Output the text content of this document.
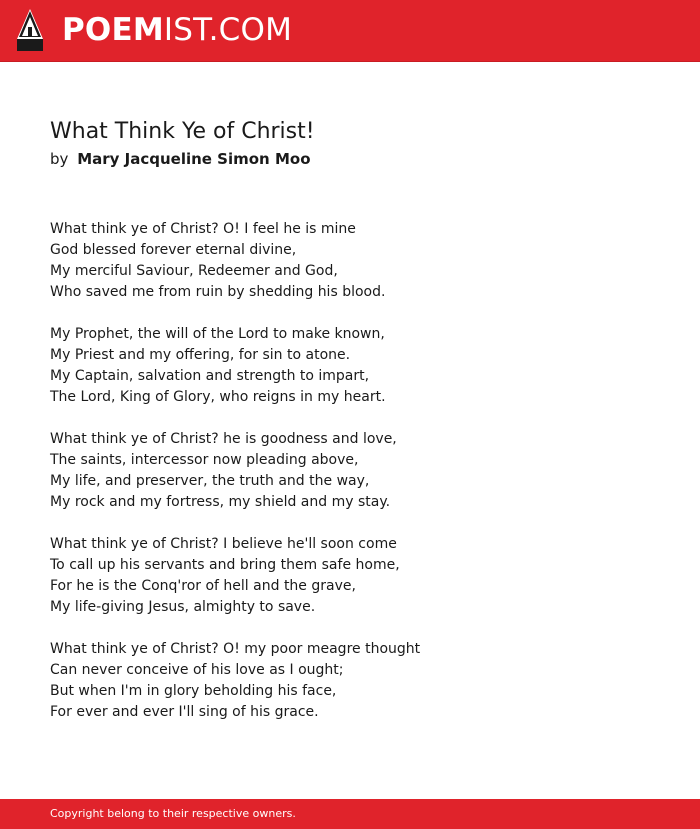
POEMIST.COM
What Think Ye of Christ!
by Mary Jacqueline Simon Moo
What think ye of Christ? O! I feel he is mine
God blessed forever eternal divine,
My merciful Saviour, Redeemer and God,
Who saved me from ruin by shedding his blood.
My Prophet, the will of the Lord to make known,
My Priest and my offering, for sin to atone.
My Captain, salvation and strength to impart,
The Lord, King of Glory, who reigns in my heart.
What think ye of Christ? he is goodness and love,
The saints, intercessor now pleading above,
My life, and preserver, the truth and the way,
My rock and my fortress, my shield and my stay.
What think ye of Christ? I believe he'll soon come
To call up his servants and bring them safe home,
For he is the Conq'ror of hell and the grave,
My life-giving Jesus, almighty to save.
What think ye of Christ? O! my poor meagre thought
Can never conceive of his love as I ought;
But when I'm in glory beholding his face,
For ever and ever I'll sing of his grace.
Copyright belong to their respective owners.
